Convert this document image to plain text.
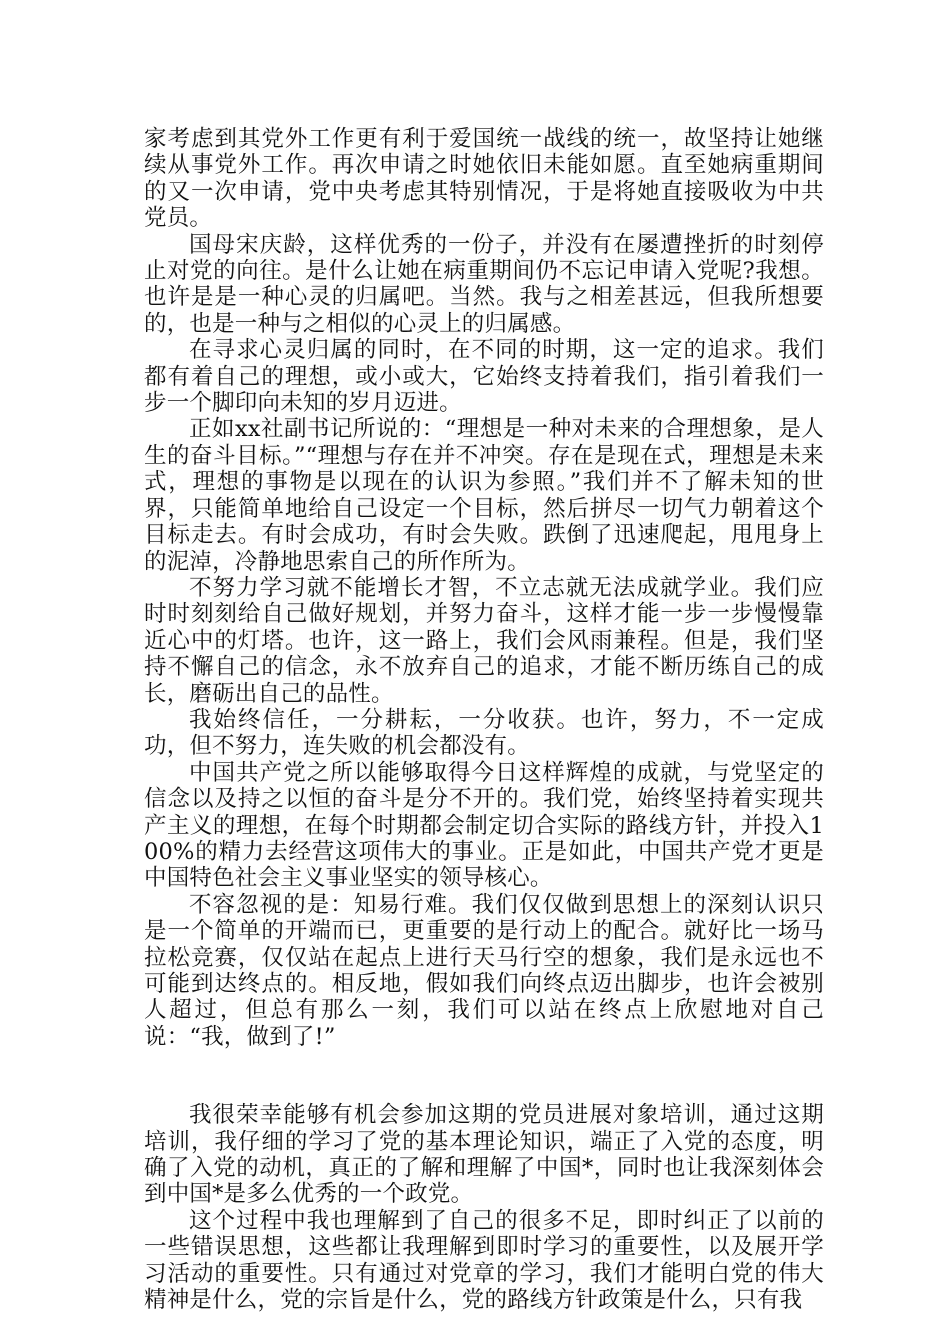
家考虑到其党外工作更有利于爱国统一战线的统一，故坚持让她继续从事党外工作。再次申请之时她依旧未能如愿。直至她病重期间的又一次申请，党中央考虑其特别情况，于是将她直接吸收为中共党员。

国母宋庆龄，这样优秀的一份子，并没有在屡遭挫折的时刻停止对党的向往。是什么让她在病重期间仍不忘记申请入党呢?我想。也许是是一种心灵的归属吧。当然。我与之相差甚远，但我所想要的，也是一种与之相似的心灵上的归属感。

在寻求心灵归属的同时，在不同的时期，这一定的追求。我们都有着自己的理想，或小或大，它始终支持着我们，指引着我们一步一个脚印向未知的岁月迈进。

正如xx社副书记所说的：“理想是一种对未来的合理想象，是人生的奋斗目标。”“理想与存在并不冲突。存在是现在式，理想是未来式，理想的事物是以现在的认识为参照。”我们并不了解未知的世界，只能简单地给自己设定一个目标，然后拼尽一切气力朝着这个目标走去。有时会成功，有时会失败。跌倒了迅速爬起，甩甩身上的泥淖，冷静地思索自己的所作所为。

不努力学习就不能增长才智，不立志就无法成就学业。我们应时时刻刻给自己做好规划，并努力奋斗，这样才能一步一步慢慢靠近心中的灯塔。也许，这一路上，我们会风雨兼程。但是，我们坚持不懈自己的信念，永不放弃自己的追求，才能不断历练自己的成长，磨砺出自己的品性。

我始终信任，一分耕耘，一分收获。也许，努力，不一定成功，但不努力，连失败的机会都没有。

中国共产党之所以能够取得今日这样辉煌的成就，与党坚定的信念以及持之以恒的奋斗是分不开的。我们党，始终坚持着实现共产主义的理想，在每个时期都会制定切合实际的路线方针，并投入100%的精力去经营这项伟大的事业。正是如此，中国共产党才更是中国特色社会主义事业坚实的领导核心。

不容忽视的是：知易行难。我们仅仅做到思想上的深刻认识只是一个简单的开端而已，更重要的是行动上的配合。就好比一场马拉松竞赛，仅仅站在起点上进行天马行空的想象，我们是永远也不可能到达终点的。相反地，假如我们向终点迈出脚步，也许会被别人超过，但总有那么一刻，我们可以站在终点上欣慰地对自己说：“我，做到了!”

我很荣幸能够有机会参加这期的党员进展对象培训，通过这期培训，我仔细的学习了党的基本理论知识，端正了入党的态度，明确了入党的动机，真正的了解和理解了中国*，同时也让我深刻体会到中国*是多么优秀的一个政党。

这个过程中我也理解到了自己的很多不足，即时纠正了以前的一些错误思想，这些都让我理解到即时学习的重要性，以及展开学习活动的重要性。只有通过对党章的学习，我们才能明白党的伟大精神是什么，党的宗旨是什么，党的路线方针政策是什么，只有我
